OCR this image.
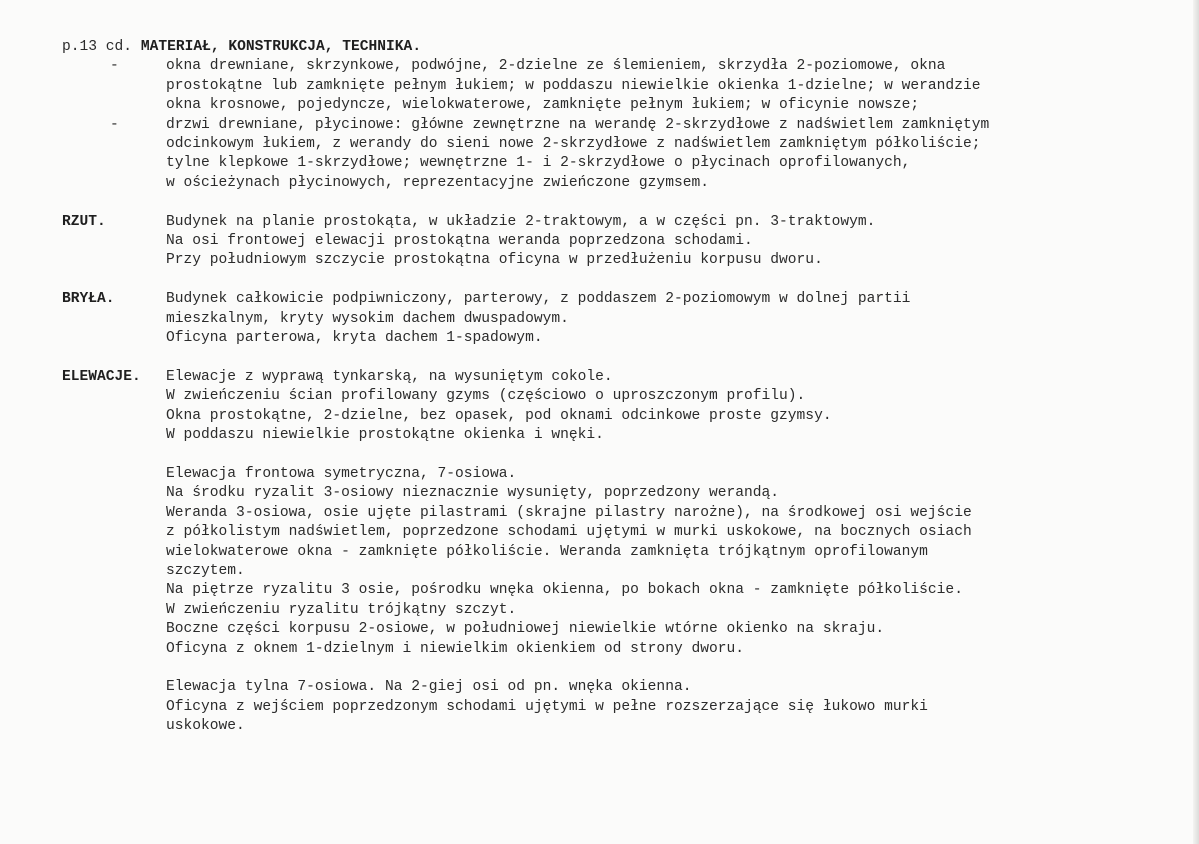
p.13 cd. MATERIAŁ, KONSTRUKCJA, TECHNIKA.
-	okna drewniane, skrzynkowe, podwójne, 2-dzielne ze ślemieniem, skrzydła 2-poziomowe, okna
prostokątne lub zamknięte pełnym łukiem; w poddaszu niewielkie okienka 1-dzielne; w werandzie
okna krosnowe, pojedyncze, wielokwaterowe, zamknięte pełnym łukiem; w oficynie nowsze;
-	drzwi drewniane, płycinowe: główne zewnętrzne na werandę 2-skrzydłowe z nadświetlem zamkniętym
odcinkowym łukiem, z werandy do sieni nowe 2-skrzydłowe z nadświetlem zamkniętym półkoliście;
tylne klepkowe 1-skrzydłowe; wewnętrzne 1- i 2-skrzydłowe o płycinach oprofilowanych,
w ościeżynach płycinowych, reprezentacyjne zwieńczone gzymsem.
RZUT.	Budynek na planie prostokąta, w układzie 2-traktowym, a w części pn. 3-traktowym.
Na osi frontowej elewacji prostokątna weranda poprzedzona schodami.
Przy południowym szczycie prostokątna oficyna w przedłużeniu korpusu dworu.
BRYŁA.	Budynek całkowicie podpiwniczony, parterowy, z poddaszem 2-poziomowym w dolnej partii
mieszkalnym, kryty wysokim dachem dwuspadowym.
Oficyna parterowa, kryta dachem 1-spadowym.
ELEWACJE.	Elewacje z wyprawą tynkarską, na wysuniętym cokole.
W zwieńczeniu ścian profilowany gzyms (częściowo o uproszczonym profilu).
Okna prostokątne, 2-dzielne, bez opasek, pod oknami odcinkowe proste gzymsy.
W poddaszu niewielkie prostokątne okienka i wnęki.
Elewacja frontowa symetryczna, 7-osiowa.
Na środku ryzalit 3-osiowy nieznacznie wysunięty, poprzedzony werandą.
Weranda 3-osiowa, osie ujęte pilastrami (skrajne pilastry narożne), na środkowej osi wejście
z półkolistym nadświetlem, poprzedzone schodami ujętymi w murki uskokowe, na bocznych osiach
wielokwaterowe okna - zamknięte półkoliście. Weranda zamknięta trójkątnym oprofilowanym
szczytem.
Na piętrze ryzalitu 3 osie, pośrodku wnęka okienna, po bokach okna - zamknięte półkoliście.
W zwieńczeniu ryzalitu trójkątny szczyt.
Boczne części korpusu 2-osiowe, w południowej niewielkie wtórne okienko na skraju.
Oficyna z oknem 1-dzielnym i niewielkim okienkiem od strony dworu.
Elewacja tylna 7-osiowa. Na 2-giej osi od pn. wnęka okienna.
Oficyna z wejściem poprzedzonym schodami ujętymi w pełne rozszerzające się łukowo murki
uskokowe.
